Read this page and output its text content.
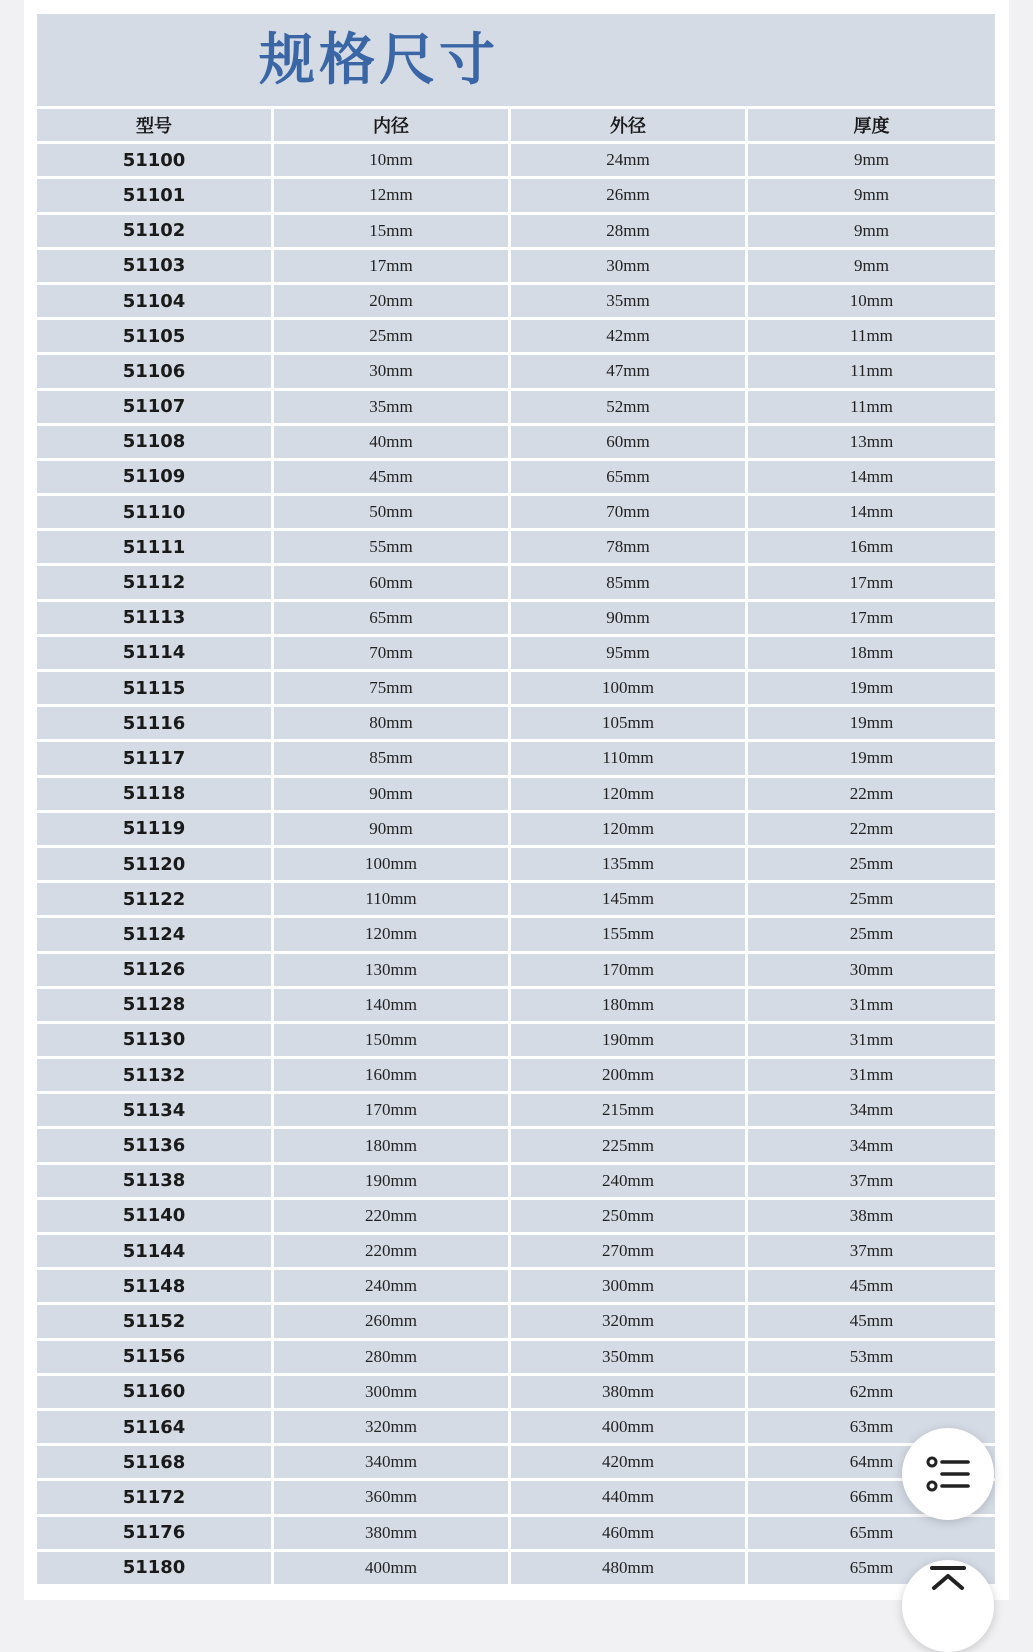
规格尺寸
型号	内径	外径	厚度
51100	10mm	24mm	9mm
51101	12mm	26mm	9mm
51102	15mm	28mm	9mm
51103	17mm	30mm	9mm
51104	20mm	35mm	10mm
51105	25mm	42mm	11mm
51106	30mm	47mm	11mm
51107	35mm	52mm	11mm
51108	40mm	60mm	13mm
51109	45mm	65mm	14mm
51110	50mm	70mm	14mm
51111	55mm	78mm	16mm
51112	60mm	85mm	17mm
51113	65mm	90mm	17mm
51114	70mm	95mm	18mm
51115	75mm	100mm	19mm
51116	80mm	105mm	19mm
51117	85mm	110mm	19mm
51118	90mm	120mm	22mm
51119	90mm	120mm	22mm
51120	100mm	135mm	25mm
51122	110mm	145mm	25mm
51124	120mm	155mm	25mm
51126	130mm	170mm	30mm
51128	140mm	180mm	31mm
51130	150mm	190mm	31mm
51132	160mm	200mm	31mm
51134	170mm	215mm	34mm
51136	180mm	225mm	34mm
51138	190mm	240mm	37mm
51140	220mm	250mm	38mm
51144	220mm	270mm	37mm
51148	240mm	300mm	45mm
51152	260mm	320mm	45mm
51156	280mm	350mm	53mm
51160	300mm	380mm	62mm
51164	320mm	400mm	63mm
51168	340mm	420mm	64mm
51172	360mm	440mm	66mm
51176	380mm	460mm	65mm
51180	400mm	480mm	65mm
